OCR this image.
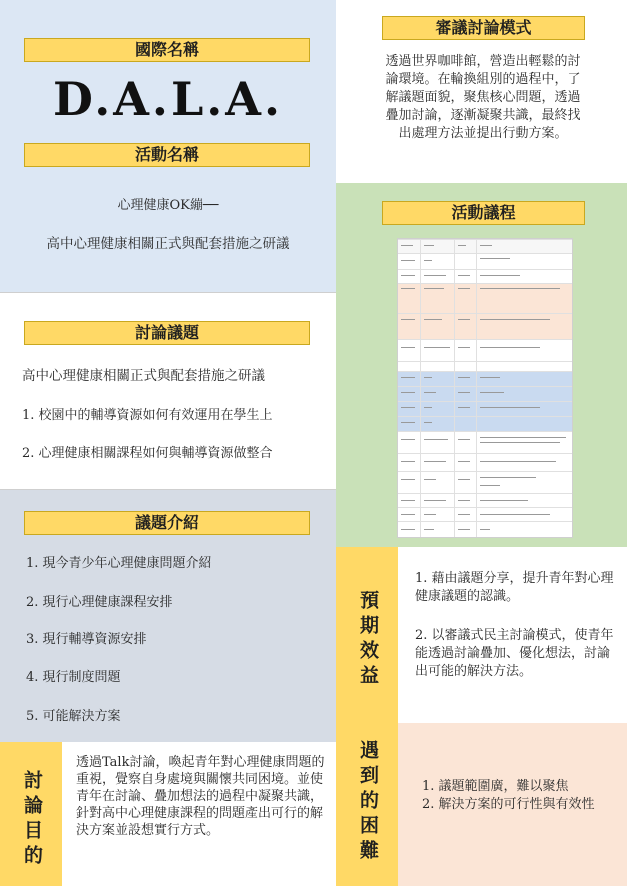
國際名稱
D.A.L.A.
活動名稱
心理健康OK繃──
高中心理健康相關正式與配套措施之研議
討論議題
高中心理健康相關正式與配套措施之研議
1. 校園中的輔導資源如何有效運用在學生上
2. 心理健康相關課程如何與輔導資源做整合
議題介紹
1. 現今青少年心理健康問題介紹
2. 現行心理健康課程安排
3. 現行輔導資源安排
4. 現行制度問題
5. 可能解決方案
討論目的
透過Talk討論，喚起青年對心理健康問題的重視，覺察自身處境與關懷共同困境。並使青年在討論、疊加想法的過程中凝聚共識，針對高中心理健康課程的問題產出可行的解決方案並設想實行方式。
審議討論模式
透過世界咖啡館，營造出輕鬆的討論環境。在輪換組別的過程中，了解議題面貌，聚焦核心問題，透過疊加討論，逐漸凝聚共識，最終找出處理方法並提出行動方案。
活動議程
預期效益
1. 藉由議題分享，提升青年對心理健康議題的認識。
2. 以審議式民主討論模式，使青年能透過討論疊加、優化想法，討論出可能的解決方法。
遇到的困難	1. 議題範圍廣，難以聚焦
2. 解決方案的可行性與有效性
